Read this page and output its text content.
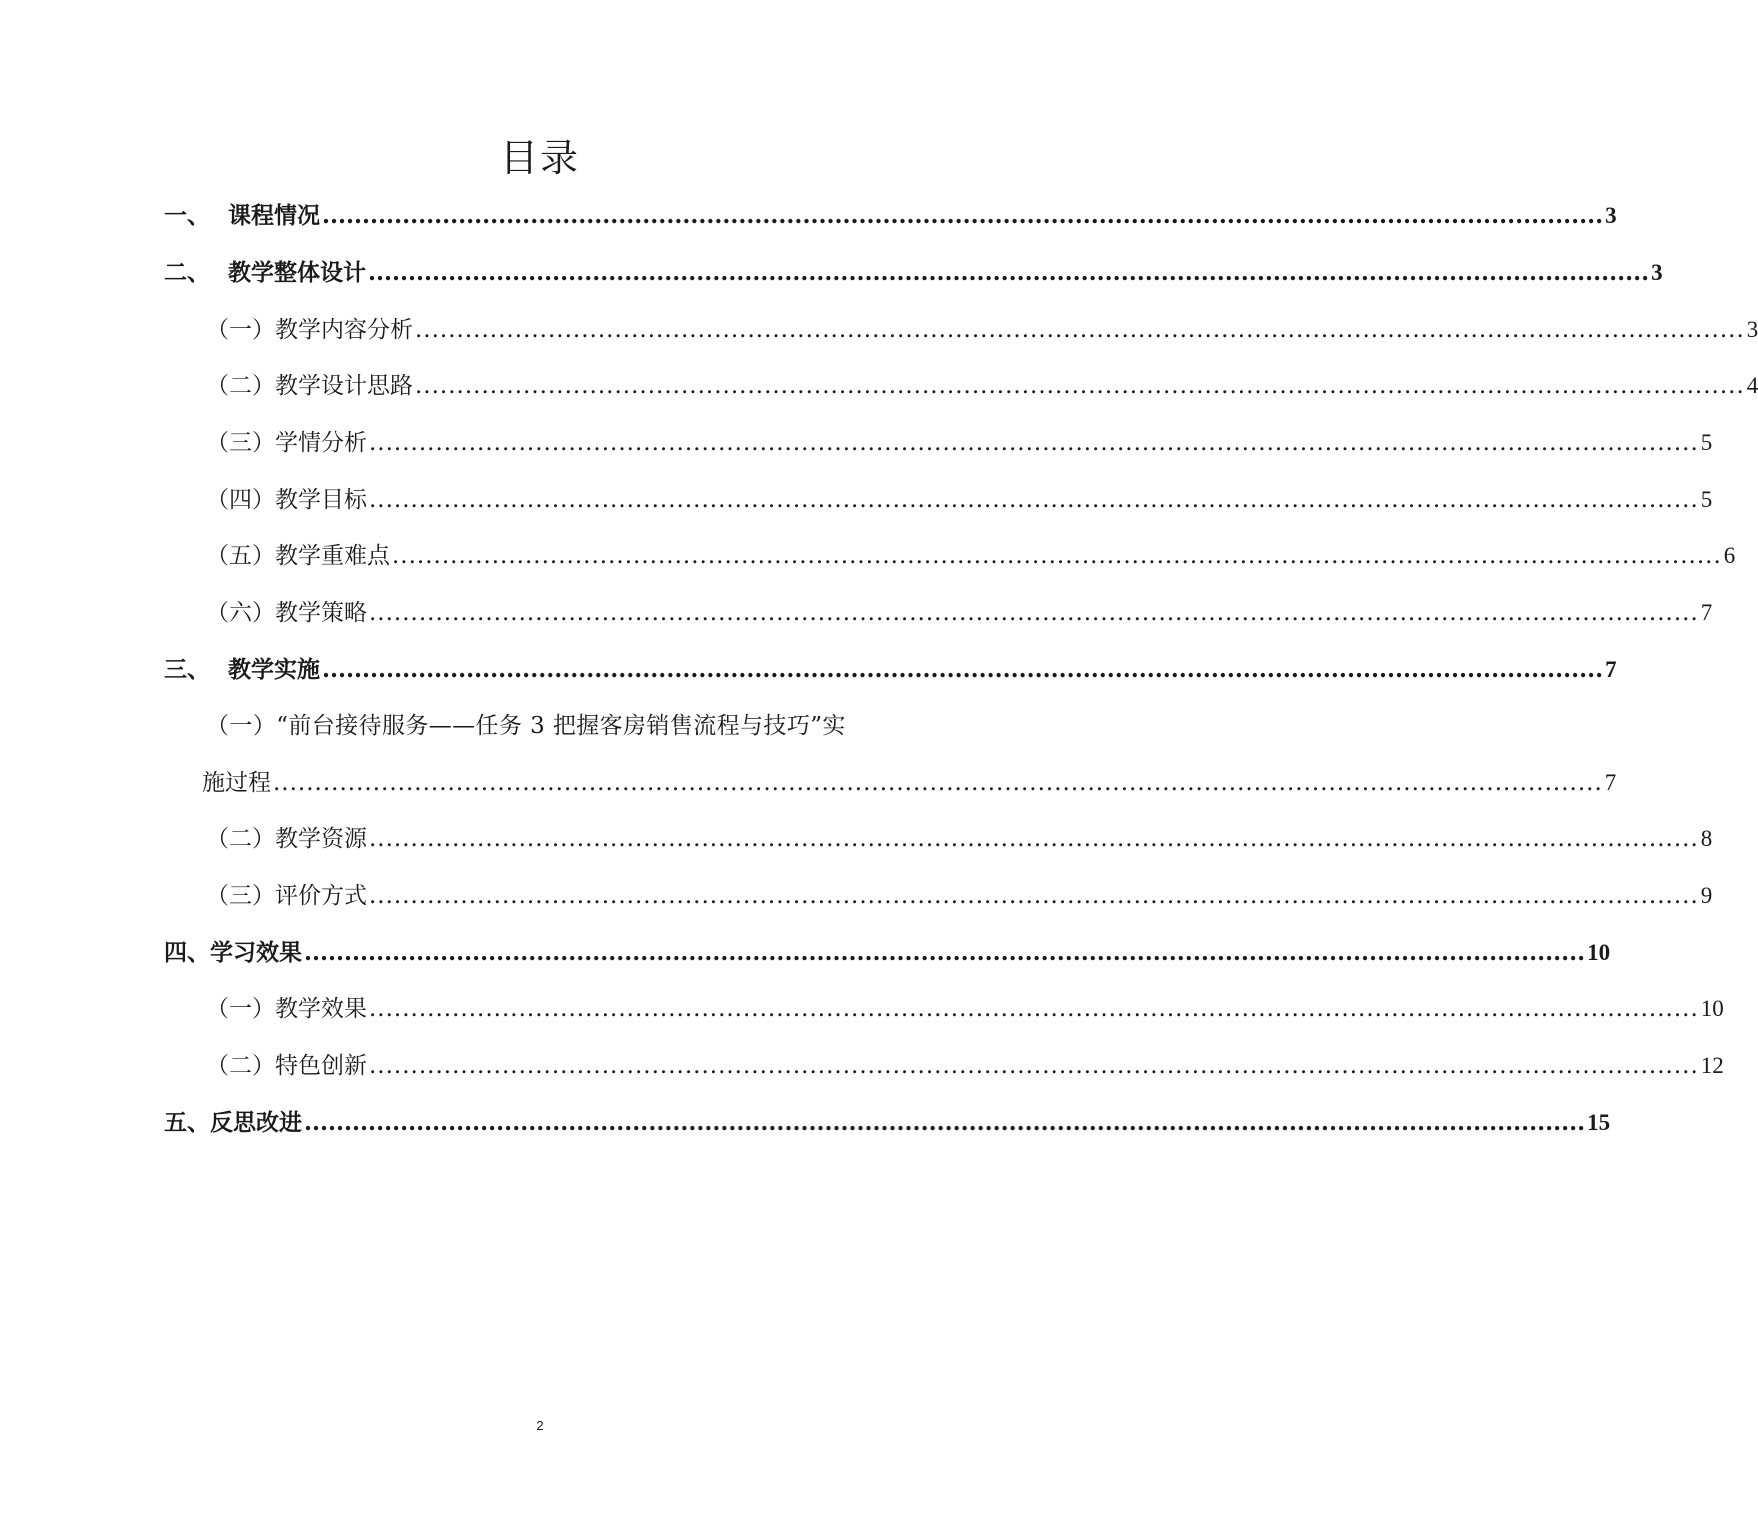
目录
一、 课程情况 ................................................................................................................................................................ 3
二、 教学整体设计 ................................................................................................................................................................ 3
（一）教学内容分析 ................................................................................................................................................................ 3
（二）教学设计思路 ................................................................................................................................................................ 4
（三）学情分析 ................................................................................................................................................................ 5
（四）教学目标 ................................................................................................................................................................ 5
（五）教学重难点 ................................................................................................................................................................ 6
（六）教学策略 ................................................................................................................................................................ 7
三、 教学实施 ................................................................................................................................................................ 7
（一）“前台接待服务——任务 3 把握客房销售流程与技巧”实
施过程 ................................................................................................................................................................ 7
（二）教学资源 ................................................................................................................................................................ 8
（三）评价方式 ................................................................................................................................................................ 9
四、 学习效果 ................................................................................................................................................................ 10
（一）教学效果 ................................................................................................................................................................ 10
（二）特色创新 ................................................................................................................................................................ 12
五、 反思改进 ................................................................................................................................................................ 15
2
